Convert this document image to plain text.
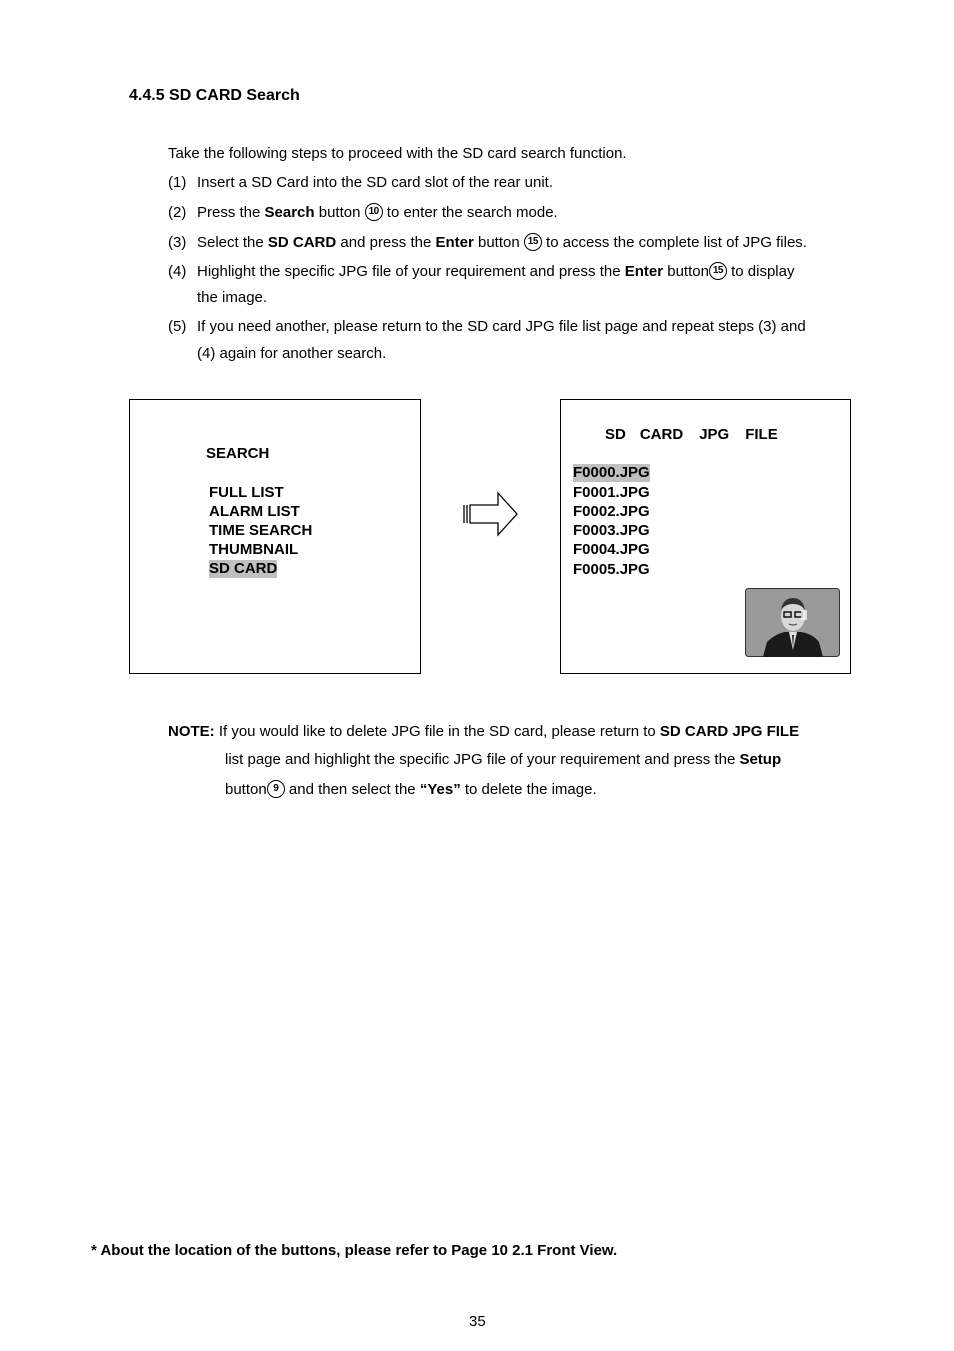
4.4.5 SD CARD Search
Take the following steps to proceed with the SD card search function.
(1) Insert a SD Card into the SD card slot of the rear unit.
(2) Press the Search button 10 to enter the search mode.
(3) Select the SD CARD and press the Enter button 15 to access the complete list of JPG files.
(4) Highlight the specific JPG file of your requirement and press the Enter button 15 to display
the image.
(5) If you need another, please return to the SD card JPG file list page and repeat steps (3) and
(4) again for another search.
SEARCH
FULL LIST
ALARM LIST
TIME SEARCH
THUMBNAIL
SD CARD
SD CARD JPG FILE
F0000.JPG
F0001.JPG
F0002.JPG
F0003.JPG
F0004.JPG
F0005.JPG
NOTE: If you would like to delete JPG file in the SD card, please return to SD CARD JPG FILE
list page and highlight the specific JPG file of your requirement and press the Setup
button 9 and then select the “Yes” to delete the image.
* About the location of the buttons, please refer to Page 10 2.1 Front View.
35
